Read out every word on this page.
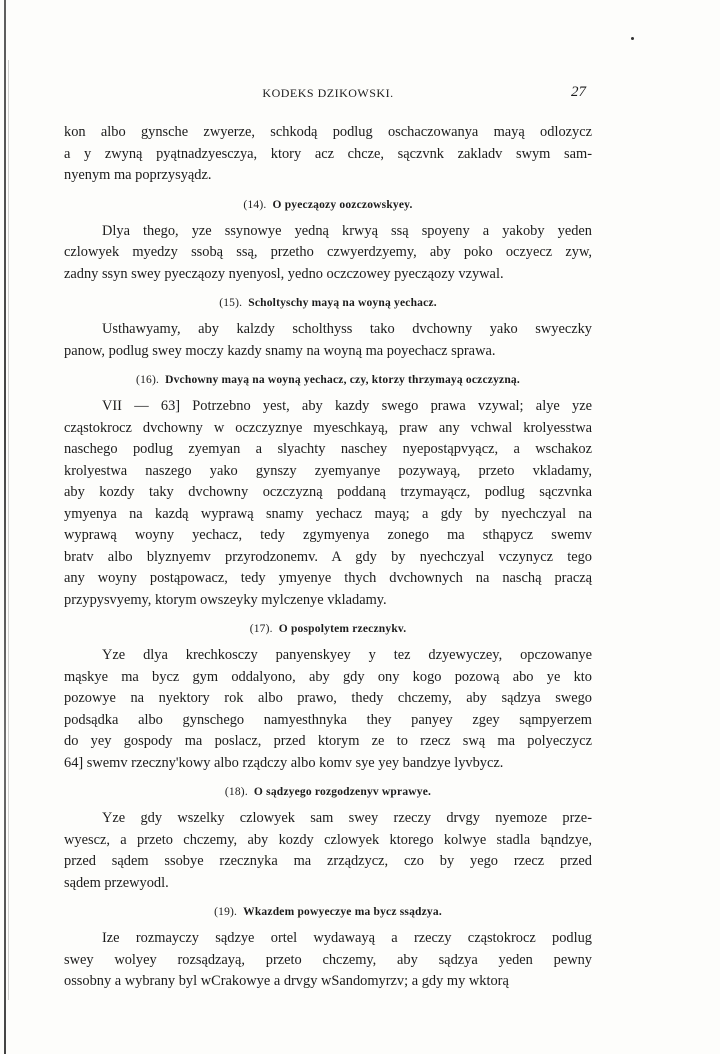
KODEKS DZIKOWSKI.	27
kon albo gynsche zwyerze, schkodą podlug oschaczowanya mayą odlozycz
a y zwyną pyątnadzyesczya, ktory acz chcze, sączvnk zakladv swym sam-
nyenym ma poprzysyądz.
(14). O pyecząozy oozczowskyey.
Dlya thego, yze ssynowye yedną krwyą ssą spoyeny a yakoby yeden
czlowyek myedzy ssobą ssą, przetho czwyerdzyemy, aby poko oczyecz zyw,
zadny ssyn swey pyecząozy nyenyosl, yedno oczczowey pyecząozy vzywal.
(15). Scholtyschy mayą na woyną yechacz.
Usthawyamy, aby kalzdy scholthyss tako dvchowny yako swyeczky
panow, podlug swey moczy kazdy snamy na woyną ma poyechacz sprawa.
(16). Dvchowny mayą na woyną yechacz, czy, ktorzy thrzymayą oczczyzną.
VII — 63] Potrzebno yest, aby kazdy swego prawa vzywal; alye yze
cząstokrocz dvchowny w oczczyznye myeschkayą, praw any vchwal krolyesstwa
naschego podlug zyemyan a slyachty naschey nyepostąpvyącz, a wschakoz
krolyestwa naszego yako gynszy zyemyanye pozywayą, przeto vkladamy,
aby kozdy taky dvchowny oczczyzną poddaną trzymayącz, podlug sączvnka
ymyenya na kazdą wyprawą snamy yechacz mayą; a gdy by nyechczyal na
wyprawą woyny yechacz, tedy zgymyenya zonego ma sthąpycz swemv
bratv albo blyznyemv przyrodzonemv. A gdy by nyechczyal vczynycz tego
any woyny postąpowacz, tedy ymyenye thych dvchownych na naschą praczą
przypysvyemy, ktorym owszeyky mylczenye vkladamy.
(17). O pospolytem rzecznykv.
Yze dlya krechkosczy panyenskyey y tez dzyewyczey, opczowanye
mąskye ma bycz gym oddalyono, aby gdy ony kogo pozową abo ye kto
pozowye na nyektory rok albo prawo, thedy chczemy, aby sądzya swego
podsądka albo gynschego namyesthnyka they panyey zgey sąmpyerzem
do yey gospody ma poslacz, przed ktorym ze to rzecz swą ma polyeczycz
64] swemv rzeczny'kowy albo rządczy albo komv sye yey bandzye lyvbycz.
(18). O sądzyego rozgodzenyv wprawye.
Yze gdy wszelky czlowyek sam swey rzeczy drvgy nyemoze prze-
wyescz, a przeto chczemy, aby kozdy czlowyek ktorego kolwye stadla bąndzye,
przed sądem ssobye rzecznyka ma zrządzycz, czo by yego rzecz przed
sądem przewyodl.
(19). Wkazdem powyeczye ma bycz ssądzya.
Ize rozmayczy sądzye ortel wydawayą a rzeczy cząstokrocz podlug
swey wolyey rozsądzayą, przeto chczemy, aby sądzya yeden pewny
ossobny a wybrany byl wCrakowye a drvgy wSandomyrzv; a gdy my wktorą
